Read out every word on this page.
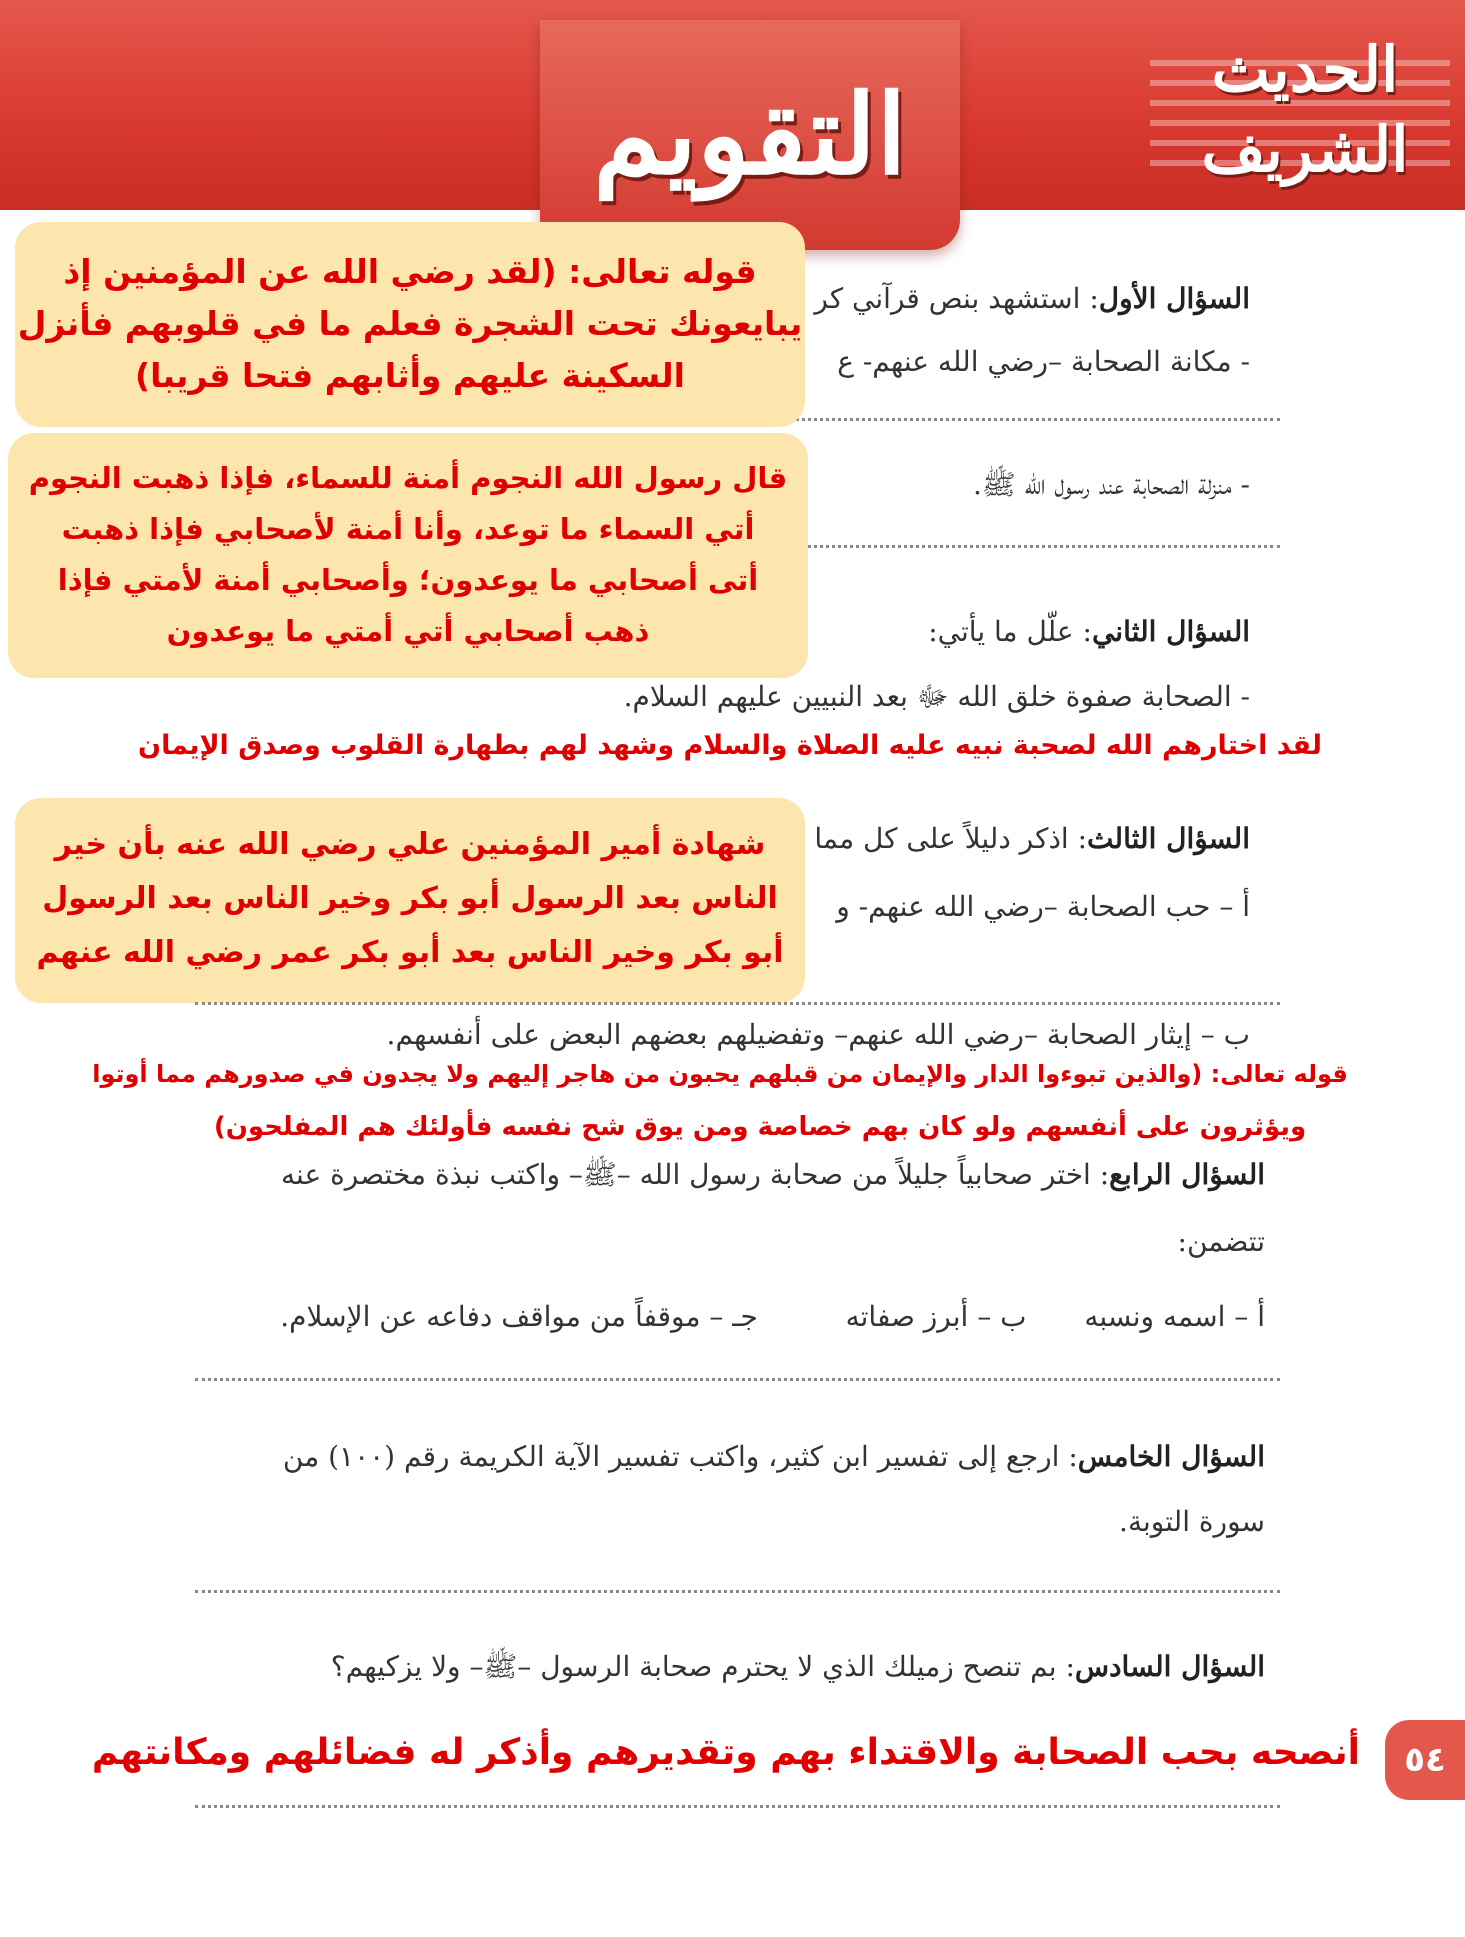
التقويم
الحديث
الشريف
السؤال الأول: استشهد بنص قرآني كر
- مكانة الصحابة –رضي الله عنهم- ع
- منزلة الصحابة عند رسول الله ﷺ.
قوله تعالى: (لقد رضي الله عن المؤمنين إذ
يبايعونك تحت الشجرة فعلم ما في قلوبهم فأنزل
السكينة عليهم وأثابهم فتحا قريبا)
قال رسول الله النجوم أمنة للسماء، فإذا ذهبت النجوم
أتي السماء ما توعد، وأنا أمنة لأصحابي فإذا ذهبت
أتى أصحابي ما يوعدون؛ وأصحابي أمنة لأمتي فإذا
ذهب أصحابي أتي أمتي ما يوعدون	السؤال الثاني: علّل ما يأتي:
- الصحابة صفوة خلق الله ﷻ بعد النبيين عليهم السلام.
لقد اختارهم الله لصحبة نبيه عليه الصلاة والسلام وشهد لهم بطهارة القلوب وصدق الإيمان
شهادة أمير المؤمنين علي رضي الله عنه بأن خير
الناس بعد الرسول أبو بكر وخير الناس بعد الرسول
أبو بكر وخير الناس بعد أبو بكر عمر رضي الله عنهم
السؤال الثالث: اذكر دليلاً على كل مما
أ – حب الصحابة –رضي الله عنهم- و
ب – إيثار الصحابة –رضي الله عنهم– وتفضيلهم بعضهم البعض على أنفسهم.
قوله تعالى: (والذين تبوءوا الدار والإيمان من قبلهم يحبون من هاجر إليهم ولا يجدون في صدورهم مما أوتوا
ويؤثرون على أنفسهم ولو كان بهم خصاصة ومن يوق شح نفسه فأولئك هم المفلحون)
السؤال الرابع: اختر صحابياً جليلاً من صحابة رسول الله –ﷺ– واكتب نبذة مختصرة عنه
تتضمن:
أ – اسمه ونسبه  ب – أبرز صفاته  جـ – موقفاً من مواقف دفاعه عن الإسلام.
السؤال الخامس: ارجع إلى تفسير ابن كثير، واكتب تفسير الآية الكريمة رقم (١٠٠) من
سورة التوبة.
السؤال السادس: بم تنصح زميلك الذي لا يحترم صحابة الرسول –ﷺ– ولا يزكيهم؟
أنصحه بحب الصحابة والاقتداء بهم وتقديرهم وأذكر له فضائلهم ومكانتهم	٥٤
